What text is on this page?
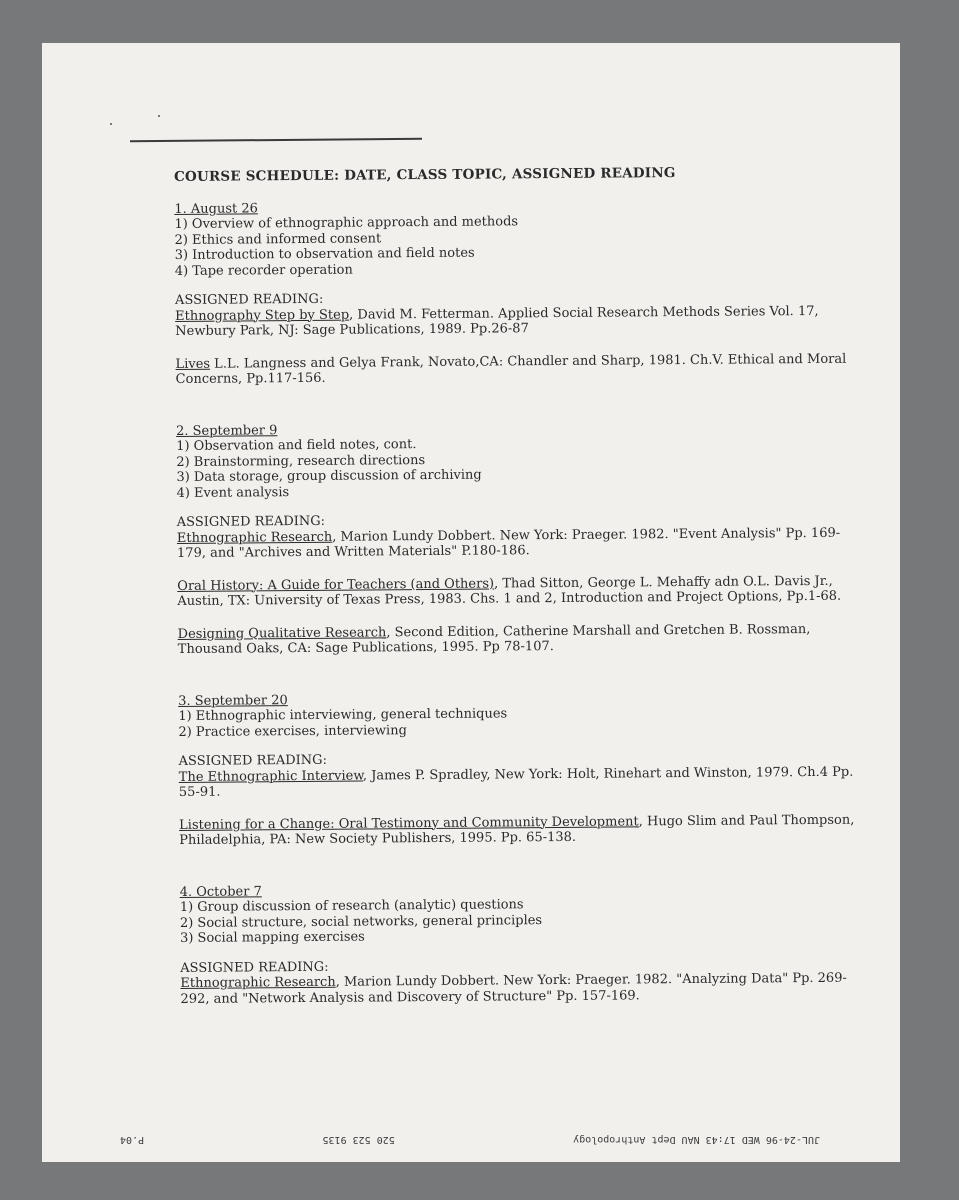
COURSE SCHEDULE: DATE, CLASS TOPIC, ASSIGNED READING
1. August 26
1) Overview of ethnographic approach and methods
2) Ethics and informed consent
3) Introduction to observation and field notes
4) Tape recorder operation
ASSIGNED READING:

Ethnography Step by Step, David M. Fetterman. Applied Social Research Methods Series Vol. 17, Newbury Park, NJ: Sage Publications, 1989. Pp.26-87

Lives L.L. Langness and Gelya Frank, Novato,CA: Chandler and Sharp, 1981. Ch.V. Ethical and Moral Concerns, Pp.117-156.

2. September 9
1) Observation and field notes, cont.
2) Brainstorming, research directions
3) Data storage, group discussion of archiving
4) Event analysis
ASSIGNED READING:

Ethnographic Research, Marion Lundy Dobbert. New York: Praeger. 1982. "Event Analysis" Pp. 169-179, and "Archives and Written Materials" P.180-186.

Oral History: A Guide for Teachers (and Others), Thad Sitton, George L. Mehaffy adn O.L. Davis Jr., Austin, TX: University of Texas Press, 1983. Chs. 1 and 2, Introduction and Project Options, Pp.1-68.

Designing Qualitative Research, Second Edition, Catherine Marshall and Gretchen B. Rossman, Thousand Oaks, CA: Sage Publications, 1995. Pp 78-107.

3. September 20
1) Ethnographic interviewing, general techniques
2) Practice exercises, interviewing
ASSIGNED READING:

The Ethnographic Interview, James P. Spradley, New York: Holt, Rinehart and Winston, 1979. Ch.4 Pp. 55-91.

Listening for a Change: Oral Testimony and Community Development, Hugo Slim and Paul Thompson, Philadelphia, PA: New Society Publishers, 1995. Pp. 65-138.

4. October 7
1) Group discussion of research (analytic) questions
2) Social structure, social networks, general principles
3) Social mapping exercises
ASSIGNED READING:

Ethnographic Research, Marion Lundy Dobbert. New York: Praeger. 1982. "Analyzing Data" Pp. 269-292, and "Network Analysis and Discovery of Structure" Pp. 157-169.

JUL-24-96 WED 17:43 NAU Dept Anthropology
520 523 9135
P.04
